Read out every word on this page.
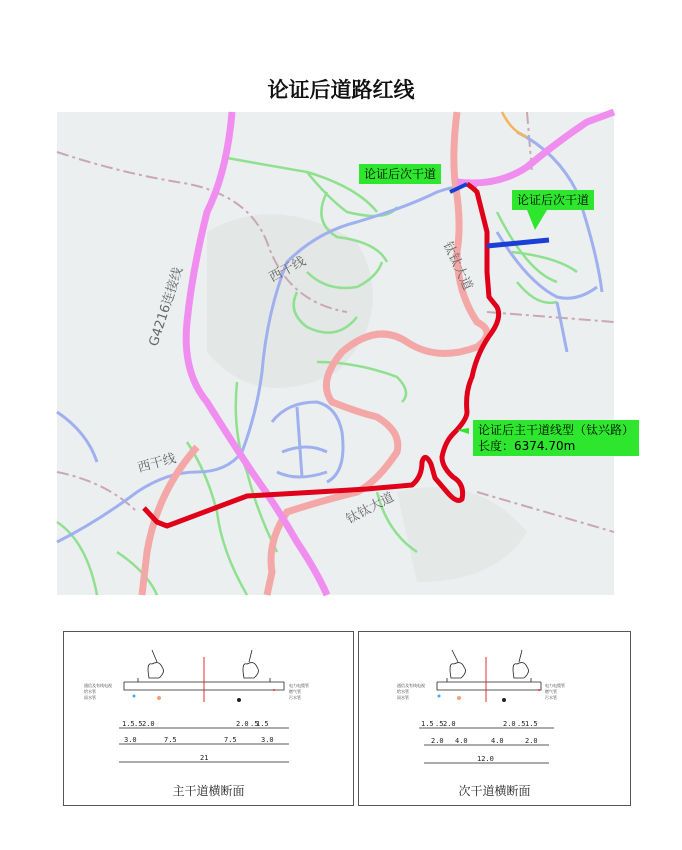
论证后道路红线
西干线
西干线
G4216连接线	钛钛大道
钛钛大道
论证后次干道
论证后次干道
论证后主干道线型（钛兴路）
长度：6374.70m
通信及有线电视
给水管
雨水管
电力电缆管
燃气管
污水管
1.5 .5 2.0	2.0 .5
1.5
3.0	7.5	7.5	3.0
21
主干道横断面
通信及有线电视
给水管
雨水管
电力电缆管
燃气管
污水管
1.5 .5 2.0	2.0 .5 1.5
2.0 4.0	4.0	2.0
12.0
次干道横断面
